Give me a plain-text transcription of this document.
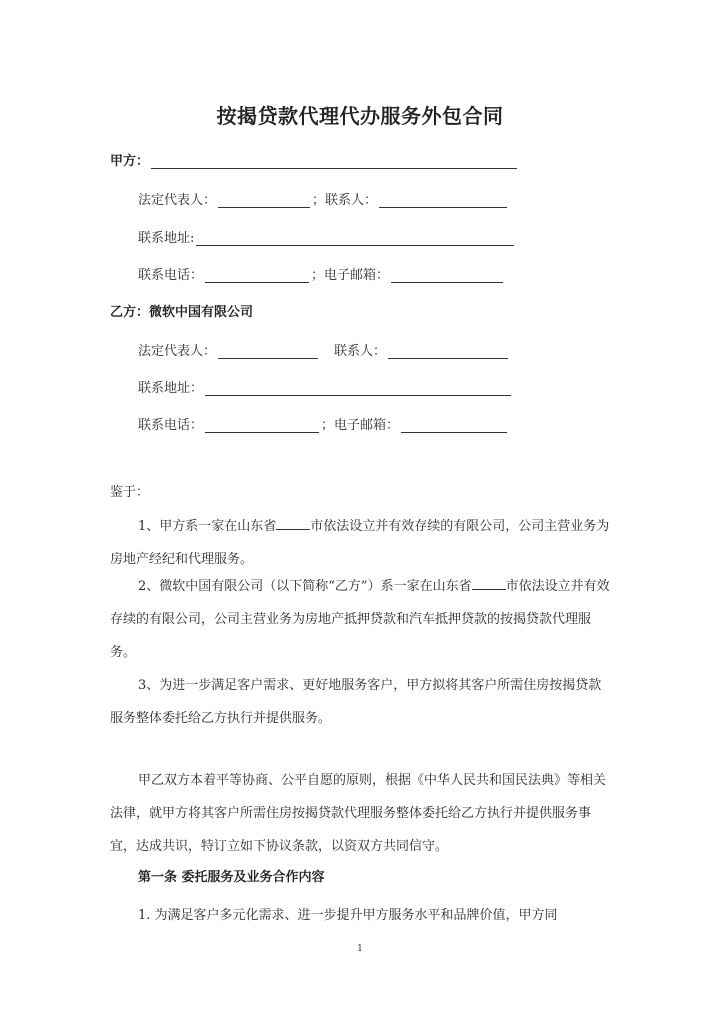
按揭贷款代理代办服务外包合同
甲方：
法定代表人：	； 联系人：
联系地址:
联系电话：	； 电子邮箱：
乙方： 微软中国有限公司
法定代表人：	联系人：
联系地址：
联系电话：	； 电子邮箱：
鉴于：
1、甲方系一家在山东省	市依法设立并有效存续的有限公司，公司主营业务为房地产经纪和代理服务。
2、微软中国有限公司（以下简称“乙方”）系一家在山东省	市依法设立并有效存续的有限公司，公司主营业务为房地产抵押贷款和汽车抵押贷款的按揭贷款代理服务。
3、为进一步满足客户需求、更好地服务客户，甲方拟将其客户所需住房按揭贷款服务整体委托给乙方执行并提供服务。
甲乙双方本着平等协商、公平自愿的原则，根据《中华人民共和国民法典》等相关法律，就甲方将其客户所需住房按揭贷款代理服务整体委托给乙方执行并提供服务事宜，达成共识，特订立如下协议条款，以资双方共同信守。
第一条 委托服务及业务合作内容
1. 为满足客户多元化需求、进一步提升甲方服务水平和品牌价值，甲方同
1
